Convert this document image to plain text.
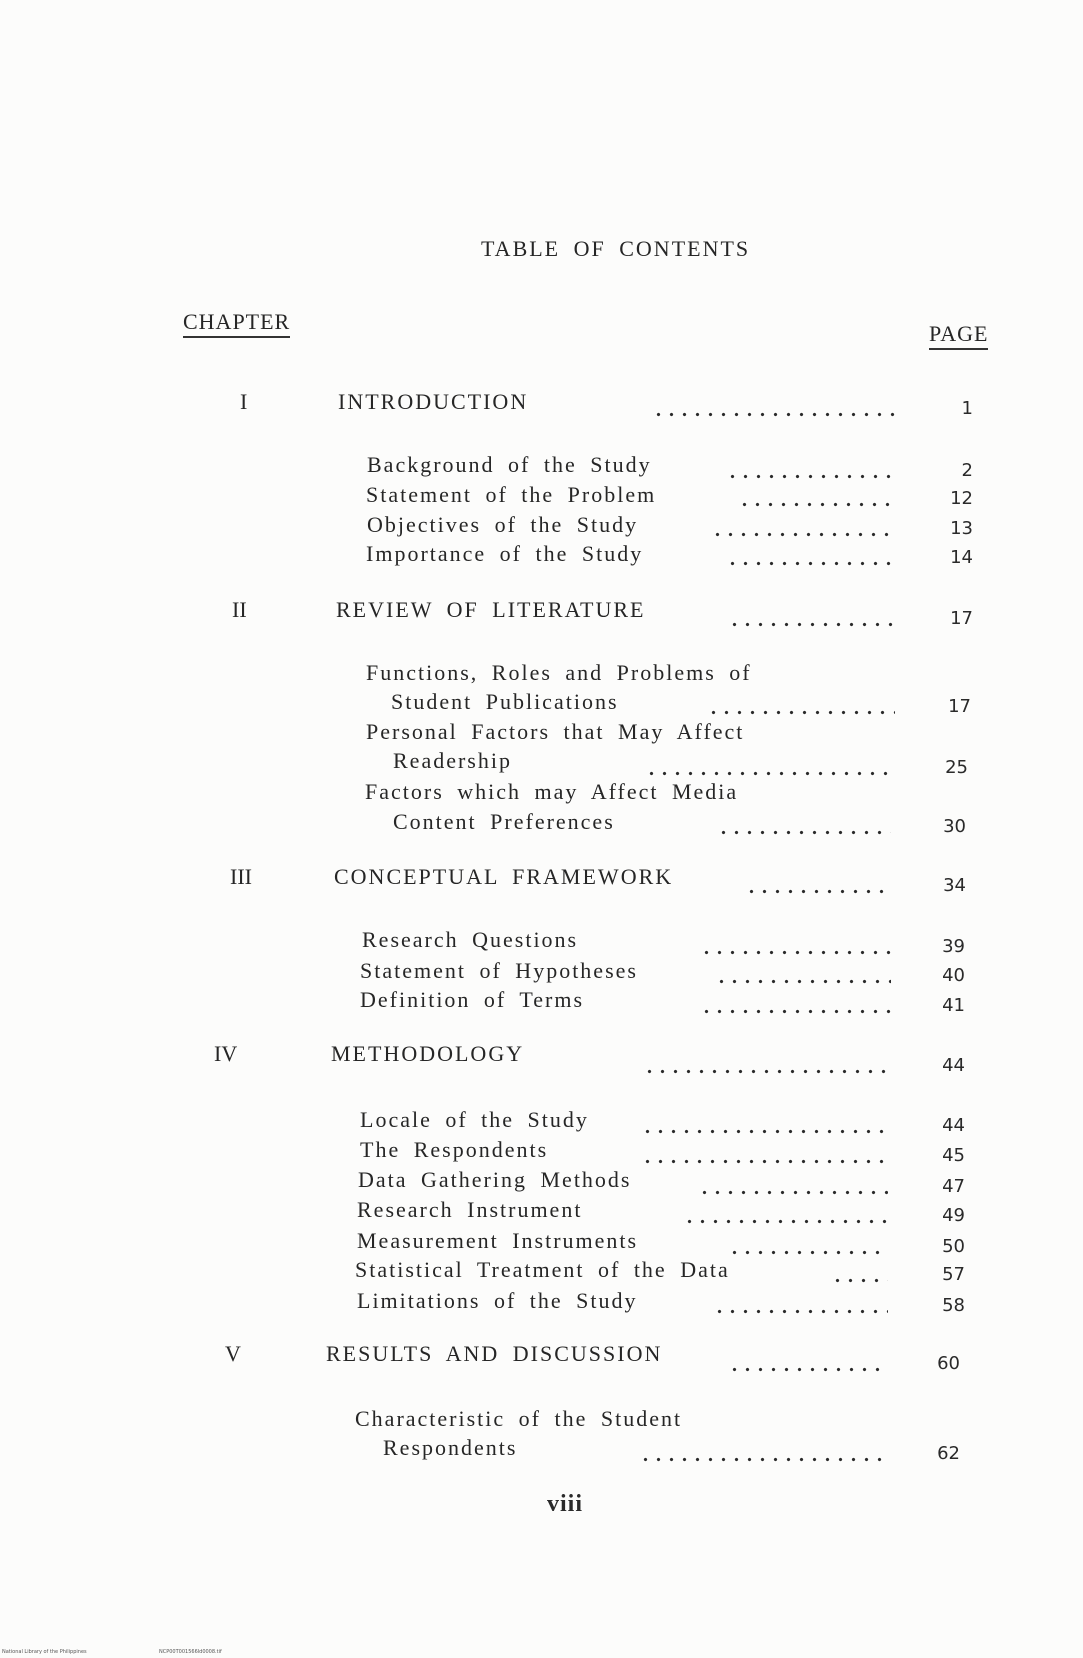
TABLE OF CONTENTS
CHAPTER	PAGE
I	INTRODUCTION	1
Background of the Study	2
Statement of the Problem	12
Objectives of the Study	13
Importance of the Study	14
II	REVIEW OF LITERATURE	17
Functions, Roles and Problems of
Student Publications	17
Personal Factors that May Affect
Readership	25
Factors which may Affect Media
Content Preferences	30
III	CONCEPTUAL FRAMEWORK	34
Research Questions	39
Statement of Hypotheses	40
Definition of Terms	41
IV	METHODOLOGY	44
Locale of the Study	44
The Respondents	45
Data Gathering Methods	47
Research Instrument	49
Measurement Instruments	50
Statistical Treatment of the Data	57
Limitations of the Study	58
V	RESULTS AND DISCUSSION	60
Characteristic of the Student
Respondents	62
viii
National Library of the Philippines	NCP00T001566ld0008.tif
